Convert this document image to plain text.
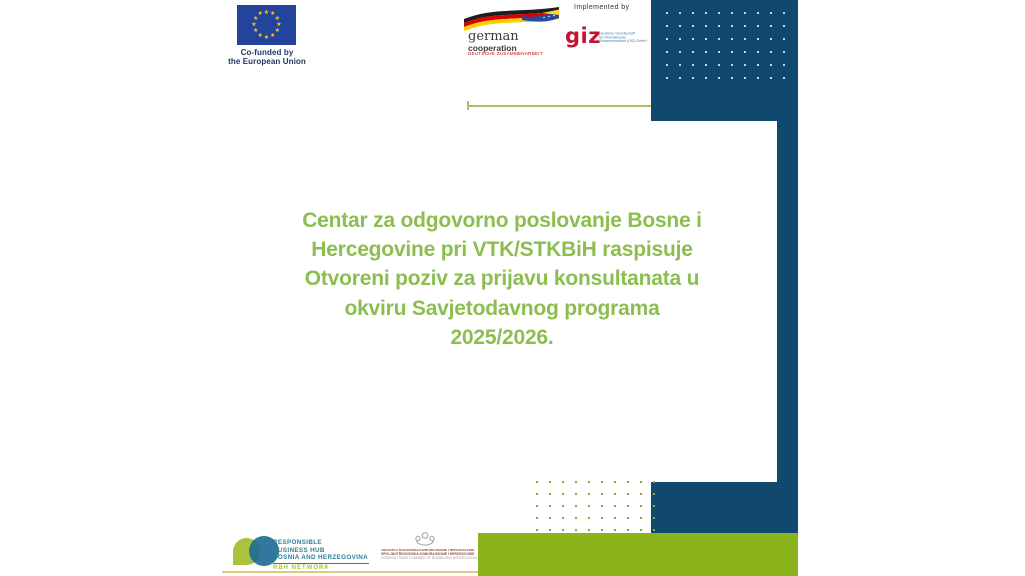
★ ★
★
★
★
★
★
★
★
★
★
★
Co-funded by
the European Union
german
cooperation
DEUTSCHE ZUSAMMENARBEIT
Implemented by
giz
Deutsche Gesellschaft
für Internationale
Zusammenarbeit (GIZ) GmbH
Centar za odgovorno poslovanje Bosne i
Hercegovine pri VTK/STKBiH raspisuje
Otvoreni poziv za prijavu konsultanata u
okviru Savjetodavnog programa
2025/2026.
RESPONSIBLE
BUSINESS HUB
BOSNIA AND HERZEGOVINA
RBH NETWORK
VANJSKOTRGOVINSKA KOMORA BOSNE I HERCEGOVINE
SPOLJNOTRGOVINSKA KOMORA BOSNE I HERCEGOVINE
FOREIGN TRADE CHAMBER OF BOSNIA AND HERZEGOVINA
